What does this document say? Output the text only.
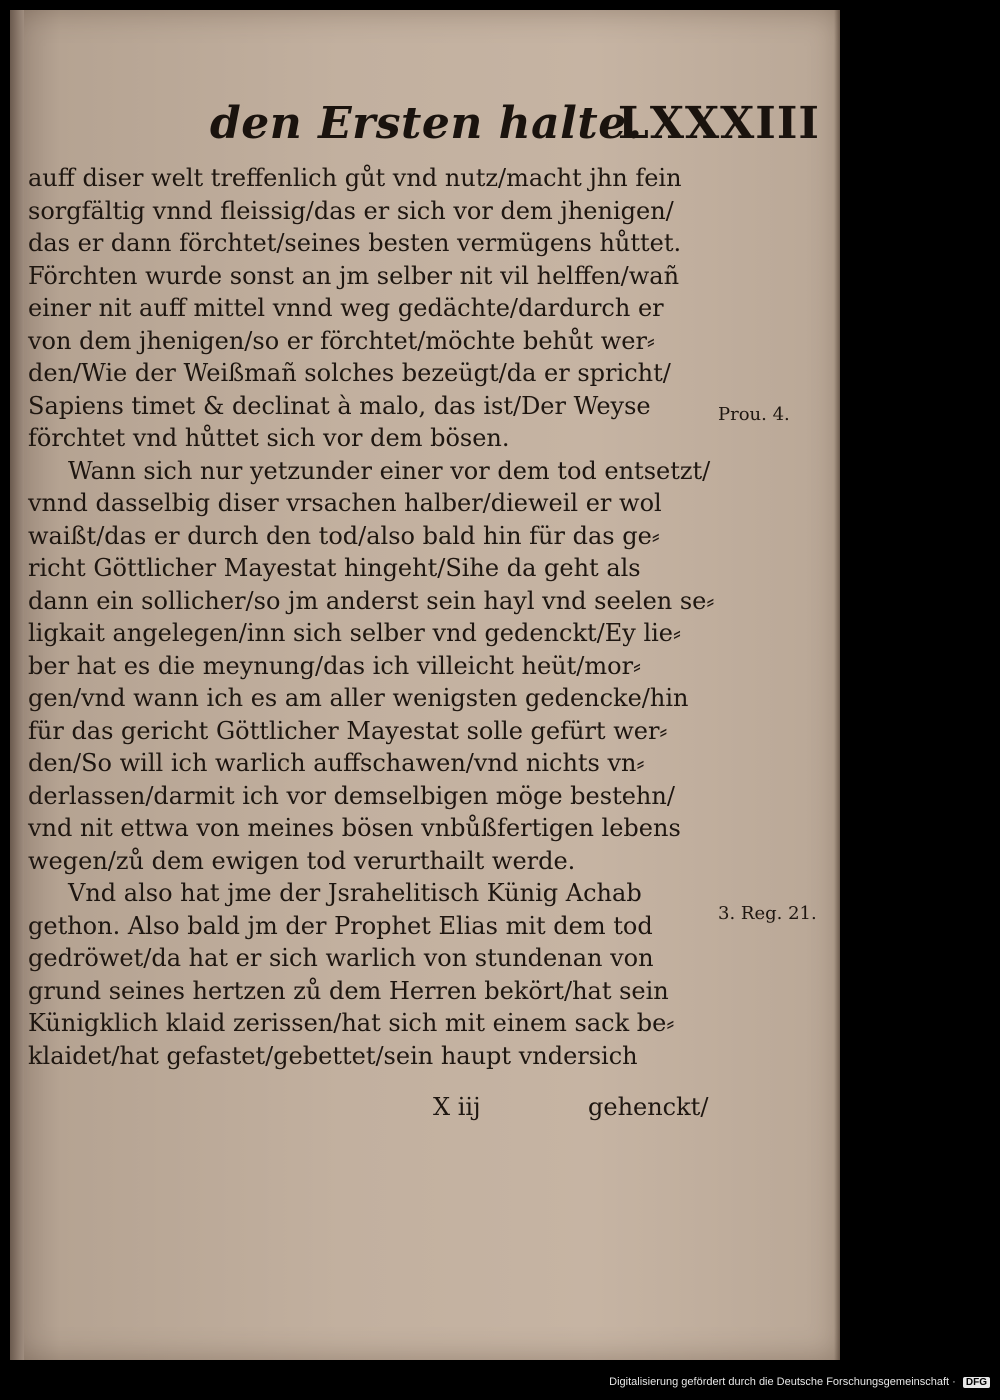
den Ersten halte.
LXXXIII
auff diser welt treffenlich gůt vnd nutz/macht jhn fein
sorgfältig vnnd fleissig/das er sich vor dem jhenigen/
das er dann förchtet/seines besten vermügens hůttet.
Förchten wurde sonst an jm selber nit vil helffen/wañ
einer nit auff mittel vnnd weg gedächte/dardurch er
von dem jhenigen/so er förchtet/möchte behůt wer⸗
den/Wie der Weißmañ solches bezeügt/da er spricht/
Sapiens timet & declinat à malo, das ist/Der Weyse
förchtet vnd hůttet sich vor dem bösen.
Wann sich nur yetzunder einer vor dem tod entsetzt/
vnnd dasselbig diser vrsachen halber/dieweil er wol
waißt/das er durch den tod/also bald hin für das ge⸗
richt Göttlicher Mayestat hingeht/Sihe da geht als
dann ein sollicher/so jm anderst sein hayl vnd seelen se⸗
ligkait angelegen/inn sich selber vnd gedenckt/Ey lie⸗
ber hat es die meynung/das ich villeicht heüt/mor⸗
gen/vnd wann ich es am aller wenigsten gedencke/hin
für das gericht Göttlicher Mayestat solle gefürt wer⸗
den/So will ich warlich auffschawen/vnd nichts vn⸗
derlassen/darmit ich vor demselbigen möge bestehn/
vnd nit ettwa von meines bösen vnbůßfertigen lebens
wegen/zů dem ewigen tod verurthailt werde.
Vnd also hat jme der Jsrahelitisch Künig Achab
gethon. Also bald jm der Prophet Elias mit dem tod
gedröwet/da hat er sich warlich von stundenan von
grund seines hertzen zů dem Herren bekört/hat sein
Künigklich klaid zerissen/hat sich mit einem sack be⸗
klaidet/hat gefastet/gebettet/sein haupt vndersich
Prou. 4.
3. Reg. 21.
X iij	gehenckt/
Digitalisierung gefördert durch die Deutsche Forschungsgemeinschaft · DFG
